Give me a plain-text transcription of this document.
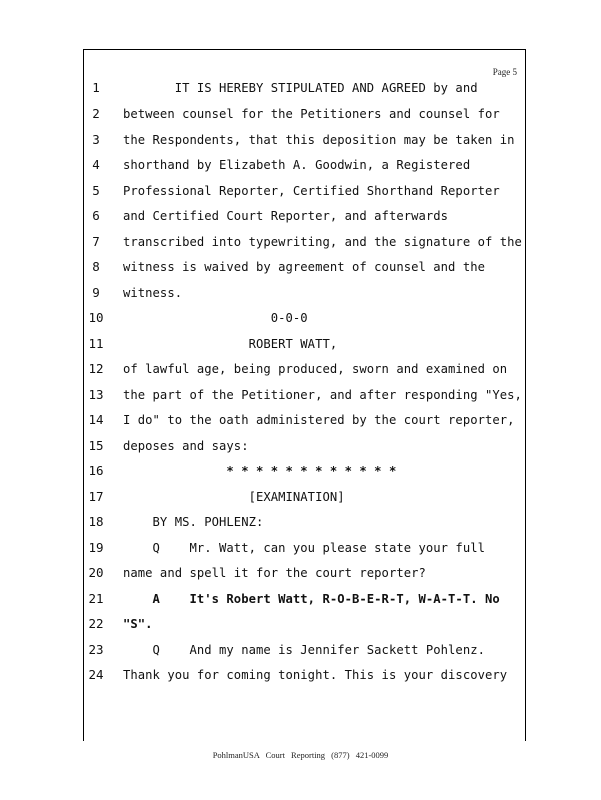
Page 5
1	IT IS HEREBY STIPULATED AND AGREED by and
2	between counsel for the Petitioners and counsel for
3	the Respondents, that this deposition may be taken in
4	shorthand by Elizabeth A. Goodwin, a Registered
5	Professional Reporter, Certified Shorthand Reporter
6	and Certified Court Reporter, and afterwards
7	transcribed into typewriting, and the signature of the
8	witness is waived by agreement of counsel and the
9	witness.
10 0-0-0
11 ROBERT WATT,
12 of lawful age, being produced, sworn and examined on
13 the part of the Petitioner, and after responding "Yes,
14 I do" to the oath administered by the court reporter,
15 deposes and says:
16 * * * * * * * * * * * *
17 [EXAMINATION]
18 BY MS. POHLENZ:
19 Q    Mr. Watt, can you please state your full
20 name and spell it for the court reporter?
21 A    It's Robert Watt, R-O-B-E-R-T, W-A-T-T. No
22 "S".
23 Q    And my name is Jennifer Sackett Pohlenz.
24 Thank you for coming tonight. This is your discovery
PohlmanUSA Court Reporting (877) 421-0099
